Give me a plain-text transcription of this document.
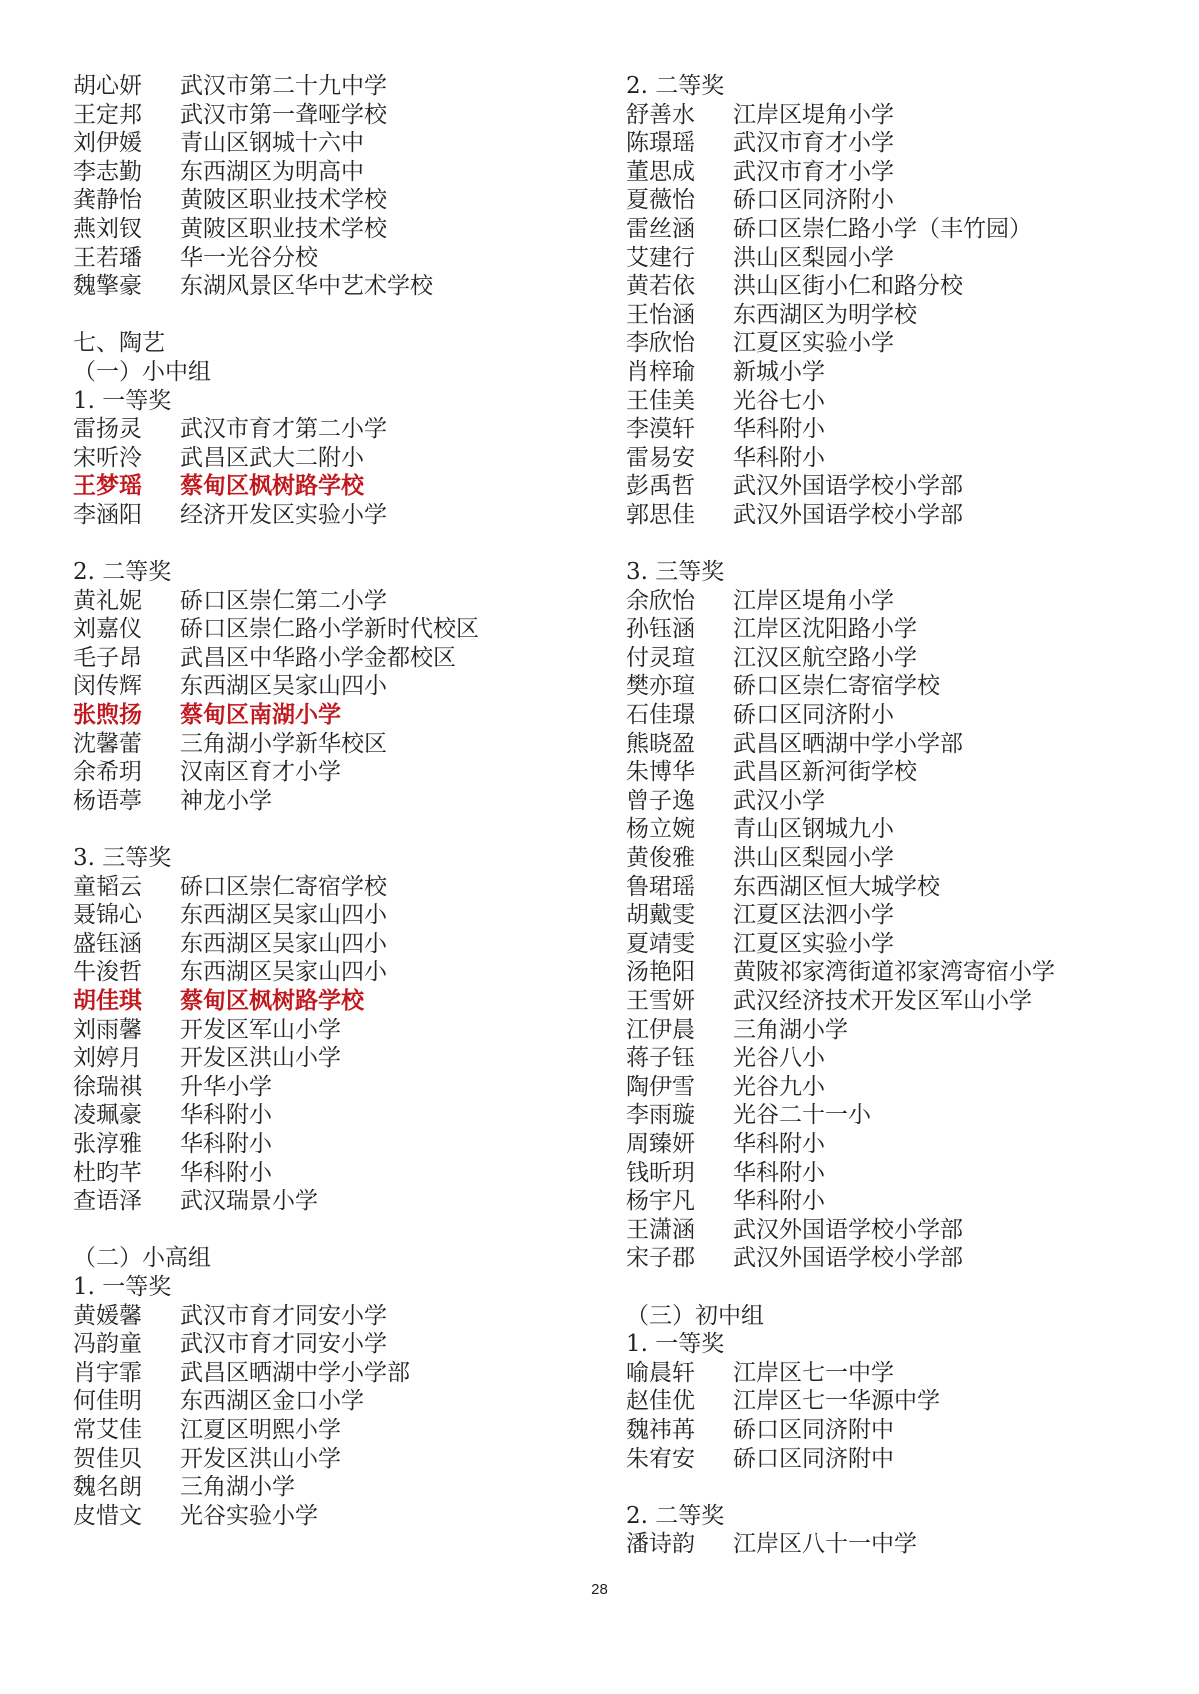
胡心妍 武汉市第二十九中学
王定邦 武汉市第一聋哑学校
刘伊媛 青山区钢城十六中
李志勤 东西湖区为明高中
龚静怡 黄陂区职业技术学校
燕刘钗 黄陂区职业技术学校
王若璠 华一光谷分校
魏擎豪 东湖风景区华中艺术学校
七、陶艺
（一）小中组
1. 一等奖
雷扬灵 武汉市育才第二小学
宋听泠 武昌区武大二附小
王梦瑶 蔡甸区枫树路学校
李涵阳 经济开发区实验小学
2. 二等奖
黄礼妮 硚口区崇仁第二小学
刘嘉仪 硚口区崇仁路小学新时代校区
毛子昂 武昌区中华路小学金都校区
闵传辉 东西湖区吴家山四小
张煦扬 蔡甸区南湖小学
沈馨蕾 三角湖小学新华校区
余希玥 汉南区育才小学
杨语葶 神龙小学
3. 三等奖
童韬云 硚口区崇仁寄宿学校
聂锦心 东西湖区吴家山四小
盛钰涵 东西湖区吴家山四小
牛浚哲 东西湖区吴家山四小
胡佳琪 蔡甸区枫树路学校
刘雨馨 开发区军山小学
刘婷月 开发区洪山小学
徐瑞祺 升华小学
凌珮豪 华科附小
张淳雅 华科附小
杜昀芊 华科附小
查语泽 武汉瑞景小学
（二）小高组
1. 一等奖
黄媛馨 武汉市育才同安小学
冯韵童 武汉市育才同安小学
肖宇霏 武昌区晒湖中学小学部
何佳明 东西湖区金口小学
常艾佳 江夏区明熙小学
贺佳贝 开发区洪山小学
魏名朗 三角湖小学
皮惜文 光谷实验小学
2. 二等奖
舒善水 江岸区堤角小学
陈璟瑶 武汉市育才小学
董思成 武汉市育才小学
夏薇怡 硚口区同济附小
雷丝涵 硚口区崇仁路小学（丰竹园）
艾建行 洪山区梨园小学
黄若依 洪山区街小仁和路分校
王怡涵 东西湖区为明学校
李欣怡 江夏区实验小学
肖梓瑜 新城小学
王佳美 光谷七小
李漠轩 华科附小
雷易安 华科附小
彭禹哲 武汉外国语学校小学部
郭思佳 武汉外国语学校小学部
3. 三等奖
余欣怡 江岸区堤角小学
孙钰涵 江岸区沈阳路小学
付灵瑄 江汉区航空路小学
樊亦瑄 硚口区崇仁寄宿学校
石佳璟 硚口区同济附小
熊晓盈 武昌区晒湖中学小学部
朱博华 武昌区新河街学校
曾子逸 武汉小学
杨立婉 青山区钢城九小
黄俊雅 洪山区梨园小学
鲁珺瑶 东西湖区恒大城学校
胡戴雯 江夏区法泗小学
夏靖雯 江夏区实验小学
汤艳阳 黄陂祁家湾街道祁家湾寄宿小学
王雪妍 武汉经济技术开发区军山小学
江伊晨 三角湖小学
蒋子钰 光谷八小
陶伊雪 光谷九小
李雨璇 光谷二十一小
周臻妍 华科附小
钱昕玥 华科附小
杨宇凡 华科附小
王潇涵 武汉外国语学校小学部
宋子郡 武汉外国语学校小学部
（三）初中组
1. 一等奖
喻晨轩 江岸区七一中学
赵佳优 江岸区七一华源中学
魏祎苒 硚口区同济附中
朱宥安 硚口区同济附中
2. 二等奖
潘诗韵 江岸区八十一中学
28
